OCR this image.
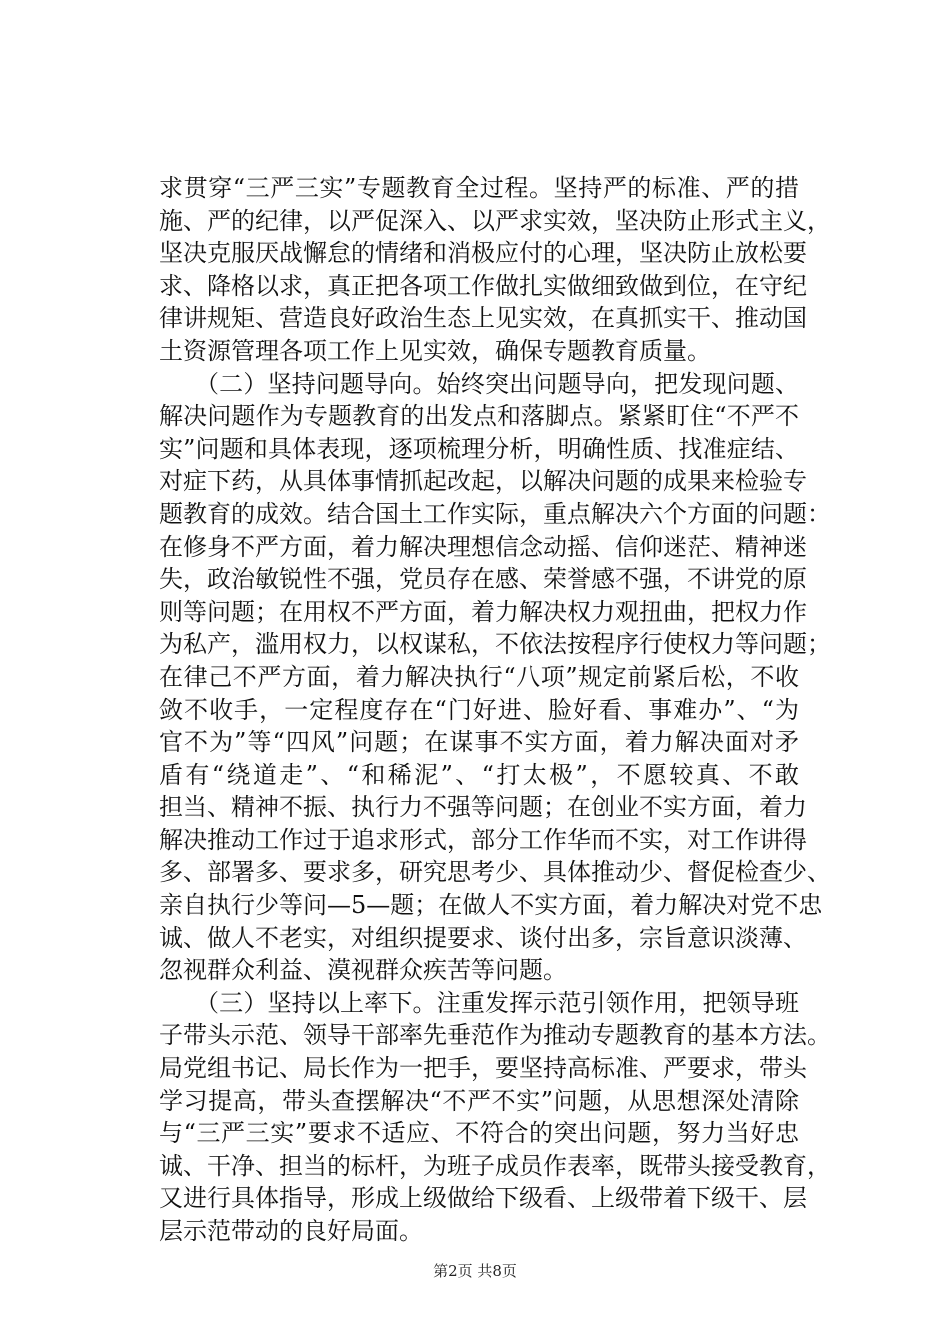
求贯穿“三严三实”专题教育全过程。坚持严的标准、严的措
施、严的纪律，以严促深入、以严求实效，坚决防止形式主义，
坚决克服厌战懈怠的情绪和消极应付的心理，坚决防止放松要
求、降格以求，真正把各项工作做扎实做细致做到位，在守纪
律讲规矩、营造良好政治生态上见实效，在真抓实干、推动国
土资源管理各项工作上见实效，确保专题教育质量。
（二）坚持问题导向。始终突出问题导向，把发现问题、
解决问题作为专题教育的出发点和落脚点。紧紧盯住“不严不
实”问题和具体表现，逐项梳理分析，明确性质、找准症结、
对症下药，从具体事情抓起改起，以解决问题的成果来检验专
题教育的成效。结合国土工作实际，重点解决六个方面的问题：
在修身不严方面，着力解决理想信念动摇、信仰迷茫、精神迷
失，政治敏锐性不强，党员存在感、荣誉感不强，不讲党的原
则等问题；在用权不严方面，着力解决权力观扭曲，把权力作
为私产，滥用权力，以权谋私，不依法按程序行使权力等问题；
在律己不严方面，着力解决执行“八项”规定前紧后松，不收
敛不收手，一定程度存在“门好进、脸好看、事难办”、“为
官不为”等“四风”问题；在谋事不实方面，着力解决面对矛
盾有“绕道走”、“和稀泥”、“打太极”，不愿较真、不敢
担当、精神不振、执行力不强等问题；在创业不实方面，着力
解决推动工作过于追求形式，部分工作华而不实，对工作讲得
多、部署多、要求多，研究思考少、具体推动少、督促检查少、
亲自执行少等问—5—题；在做人不实方面，着力解决对党不忠
诚、做人不老实，对组织提要求、谈付出多，宗旨意识淡薄、
忽视群众利益、漠视群众疾苦等问题。
（三）坚持以上率下。注重发挥示范引领作用，把领导班
子带头示范、领导干部率先垂范作为推动专题教育的基本方法。
局党组书记、局长作为一把手，要坚持高标准、严要求，带头
学习提高，带头查摆解决“不严不实”问题，从思想深处清除
与“三严三实”要求不适应、不符合的突出问题，努力当好忠
诚、干净、担当的标杆，为班子成员作表率，既带头接受教育，
又进行具体指导，形成上级做给下级看、上级带着下级干、层
层示范带动的良好局面。
第2页 共8页
